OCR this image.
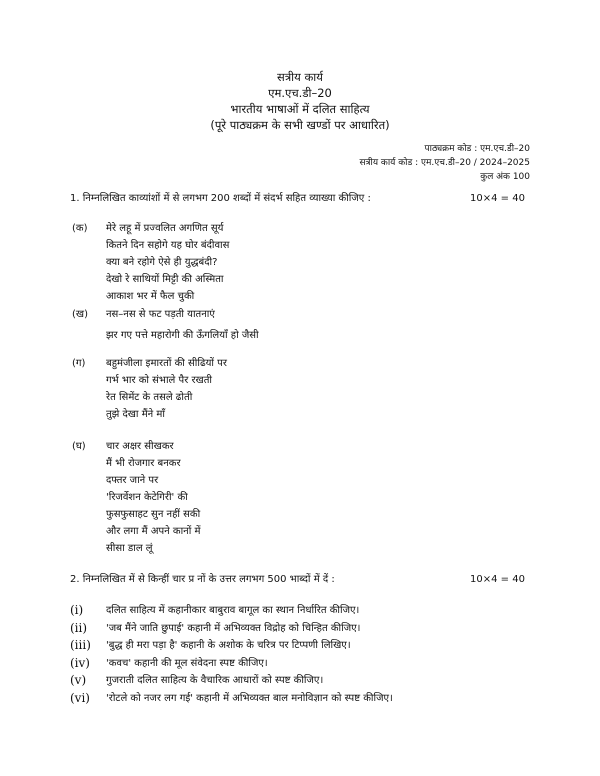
सत्रीय कार्य
एम.एच.डी–20
भारतीय भाषाओं में दलित साहित्य
(पूरे पाठ्यक्रम के सभी खण्डों पर आधारित)
पाठ्यक्रम कोड : एम.एच.डी–20
सत्रीय कार्य कोड : एम.एच.डी–20 / 2024–2025
कुल अंक 100
1. निम्नलिखित काव्यांशों में से लगभग 200 शब्दों में संदर्भ सहित व्याख्या कीजिए :	10×4 = 40
(क) मेरे लहू में प्रज्वलित अगणित सूर्य
कितने दिन सहोगे यह घोर बंदीवास
क्या बने रहोगे ऐसे ही युद्धबंदी?
देखो रे साथियों मिट्टी की अस्मिता
आकाश भर में फैल चुकी
(ख) नस–नस से फट पड़ती यातनाएं
झर गए पत्ते महारोगी की ऊँगलियाँ हो जैसी
(ग) बहुमंजीला इमारतों की सीढियों पर
गर्भ भार को संभाले पैर रखती
रेत सिमेंट के तसले ढोती
तुझे देखा मैंने माँ
(घ) चार अक्षर सीखकर
मैं भी रोजगार बनकर
दफ्तर जाने पर
'रिजर्वेशन केटेगिरी' की
फुसफुसाहट सुन नहीं सकी
और लगा मैं अपने कानों में
सीसा डाल लूं
2. निम्नलिखित में से किन्हीं चार प्र नों के उत्तर लगभग 500 भाब्दों में दें :	10×4 = 40
(i)
(ii)
(iii)
(iv)
(v)
(vi)
दलित साहित्य में कहानीकार बाबुराव बागूल का स्थान निर्धारित कीजिए।
'जब मैंने जाति छुपाई' कहानी में अभिव्यक्त विद्रोह को चिन्हित कीजिए।
'बुद्ध ही मरा पड़ा है' कहानी के अशोक के चरित्र पर टिप्पणी लिखिए।
'कवच' कहानी की मूल संवेदना स्पष्ट कीजिए।
गुजराती दलित साहित्य के वैचारिक आधारों को स्पष्ट कीजिए।
'रोटले को नजर लग गई' कहानी में अभिव्यक्त बाल मनोविज्ञान को स्पष्ट कीजिए।
